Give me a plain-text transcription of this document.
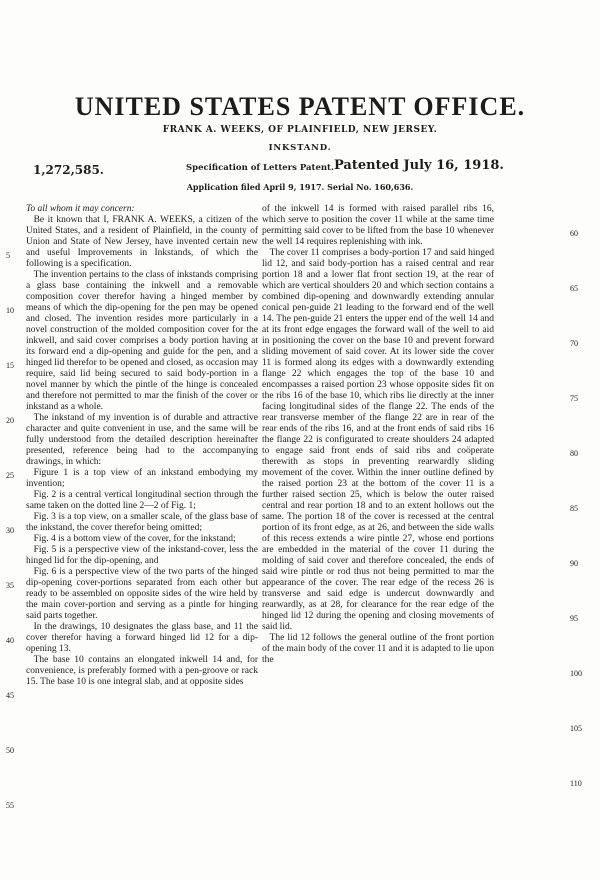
UNITED STATES PATENT OFFICE.
FRANK A. WEEKS, OF PLAINFIELD, NEW JERSEY.
INKSTAND.
1,272,585.	Specification of Letters Patent. Patented July 16, 1918.
Application filed April 9, 1917. Serial No. 160,636.

To all whom it may concern:

Be it known that I, FRANK A. WEEKS, a citizen of the United States, and a resident of Plainfield, in the county of Union and State of New Jersey, have invented certain new and useful Improvements in Inkstands, of which the following is a specification.

The invention pertains to the class of inkstands comprising a glass base containing the inkwell and a removable composition cover therefor having a hinged member by means of which the dip-opening for the pen may be opened and closed. The invention resides more particularly in a novel construction of the molded composition cover for the inkwell, and said cover comprises a body portion having at its forward end a dip-opening and guide for the pen, and a hinged lid therefor to be opened and closed, as occasion may require, said lid being secured to said body-portion in a novel manner by which the pintle of the hinge is concealed and therefore not permitted to mar the finish of the cover or inkstand as a whole.

The inkstand of my invention is of durable and attractive character and quite convenient in use, and the same will be fully understood from the detailed description hereinafter presented, reference being had to the accompanying drawings, in which:

Figure 1 is a top view of an inkstand embodying my invention;

Fig. 2 is a central vertical longitudinal section through the same taken on the dotted line 2—2 of Fig. 1;

Fig. 3 is a top view, on a smaller scale, of the glass base of the inkstand, the cover therefor being omitted;

Fig. 4 is a bottom view of the cover, for the inkstand;

Fig. 5 is a perspective view of the inkstand-cover, less the hinged lid for the dip-opening, and

Fig. 6 is a perspective view of the two parts of the hinged dip-opening cover-portions separated from each other but ready to be assembled on opposite sides of the wire held by the main cover-portion and serving as a pintle for hinging said parts together.

In the drawings, 10 designates the glass base, and 11 the cover therefor having a forward hinged lid 12 for a dip-opening 13.

The base 10 contains an elongated inkwell 14 and, for convenience, is preferably formed with a pen-groove or rack 15. The base 10 is one integral slab, and at opposite sides

of the inkwell 14 is formed with raised parallel ribs 16, which serve to position the cover 11 while at the same time permitting said cover to be lifted from the base 10 whenever the well 14 requires replenishing with ink.

The cover 11 comprises a body-portion 17 and said hinged lid 12, and said body-portion has a raised central and rear portion 18 and a lower flat front section 19, at the rear of which are vertical shoulders 20 and which section contains a combined dip-opening and downwardly extending annular conical pen-guide 21 leading to the forward end of the well 14. The pen-guide 21 enters the upper end of the well 14 and at its front edge engages the forward wall of the well to aid in positioning the cover on the base 10 and prevent forward sliding movement of said cover. At its lower side the cover 11 is formed along its edges with a downwardly extending flange 22 which engages the top of the base 10 and encompasses a raised portion 23 whose opposite sides fit on the ribs 16 of the base 10, which ribs lie directly at the inner facing longitudinal sides of the flange 22. The ends of the rear transverse member of the flange 22 are in rear of the rear ends of the ribs 16, and at the front ends of said ribs 16 the flange 22 is configurated to create shoulders 24 adapted to engage said front ends of said ribs and coöperate therewith as stops in preventing rearwardly sliding movement of the cover. Within the inner outline defined by the raised portion 23 at the bottom of the cover 11 is a further raised section 25, which is below the outer raised central and rear portion 18 and to an extent hollows out the same. The portion 18 of the cover is recessed at the central portion of its front edge, as at 26, and between the side walls of this recess extends a wire pintle 27, whose end portions are embedded in the material of the cover 11 during the molding of said cover and therefore concealed, the ends of said wire pintle or rod thus not being permitted to mar the appearance of the cover. The rear edge of the recess 26 is transverse and said edge is undercut downwardly and rearwardly, as at 28, for clearance for the rear edge of the hinged lid 12 during the opening and closing movements of said lid.

The lid 12 follows the general outline of the front portion of the main body of the cover 11 and it is adapted to lie upon the

5
10
15
20
25
30
35
40
45
50
55
60
65
70
75
80
85
90
95
100
105
110
